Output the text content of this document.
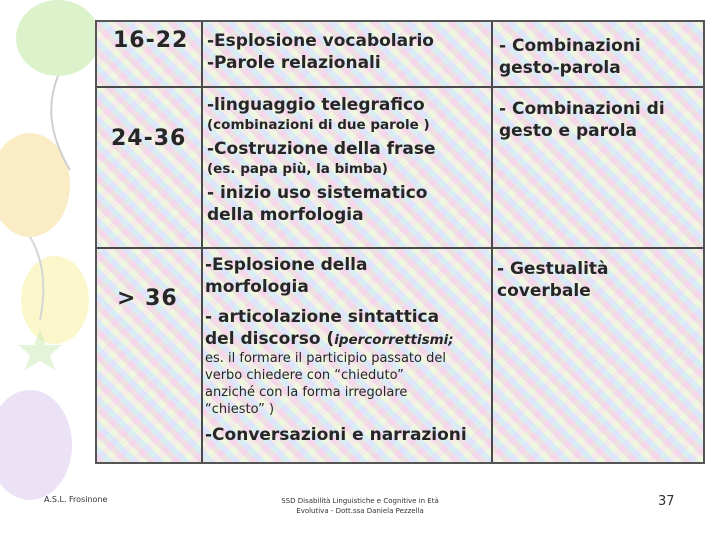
16-22 -Esplosione vocabolario
-Parole relazionali
- Combinazioni
gesto-parola
24-36
-linguaggio telegrafico
(combinazioni di due parole )
-Costruzione della frase
(es. papa più, la bimba)
- inizio uso sistematico
della morfologia
- Combinazioni di
gesto e parola
> 36
-Esplosione della
morfologia
- articolazione sintattica
del discorso (ipercorrettismi;
es. il formare il participio passato del
verbo chiedere con “chieduto”
anziché con la forma irregolare
“chiesto” )
-Conversazioni e narrazioni
- Gestualità
coverbale
A.S.L. Frosinone	SSD Disabilità Linguistiche e Cognitive in Età
Evolutiva - Dott.ssa Daniela Pezzella
37
